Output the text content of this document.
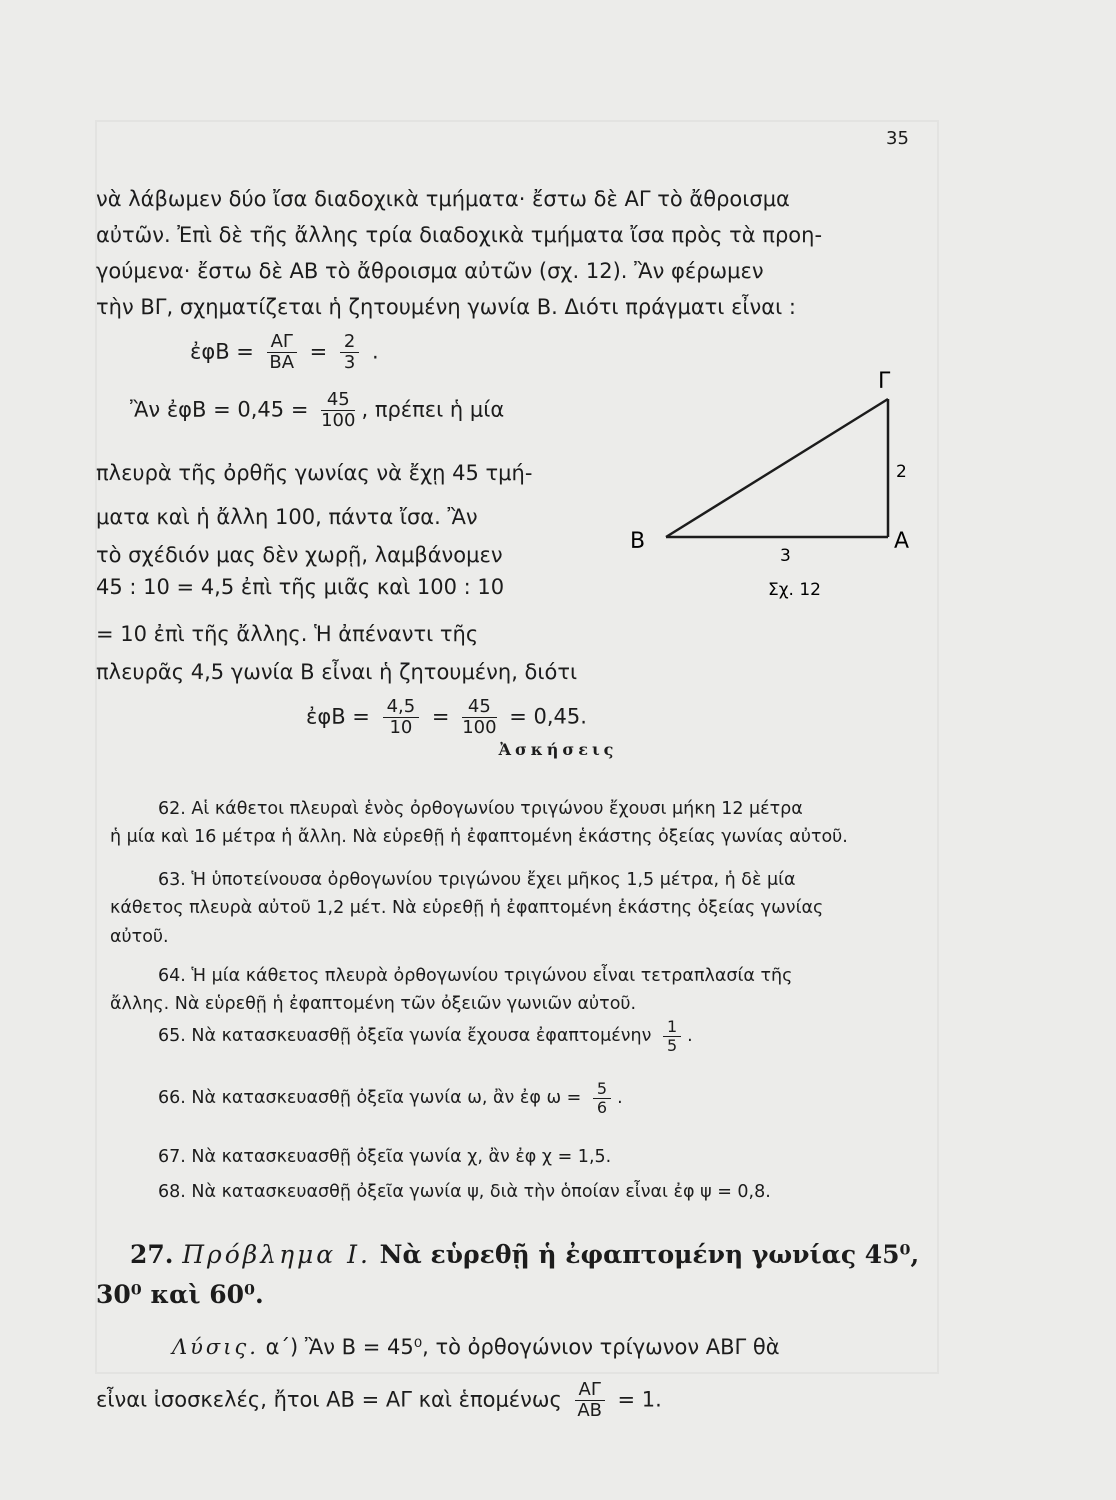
35
νὰ λάβωμεν δύο ἴσα διαδοχικὰ τμήματα· ἔστω δὲ ΑΓ τὸ ἄθροισμα
αὐτῶν. Ἐπὶ δὲ τῆς ἄλλης τρία διαδοχικὰ τμήματα ἴσα πρὸς τὰ προη-
γούμενα· ἔστω δὲ ΑΒ τὸ ἄθροισμα αὐτῶν (σχ. 12). Ἂν φέρωμεν
τὴν ΒΓ, σχηματίζεται ἡ ζητουμένη γωνία Β. Διότι πράγματι εἶναι :
ἐφΒ = $\frac{A\Gamma}{BA} = \frac{2}{3}$ .
Ἂν ἐφΒ = $0,45 = \frac{45}{100}$ , πρέπει ἡ μία
πλευρὰ τῆς ὀρθῆς γωνίας νὰ ἔχῃ 45 τμή-
ματα καὶ ἡ ἄλλη 100, πάντα ἴσα. Ἂν
τὸ σχέδιόν μας δὲν χωρῇ, λαμβάνομεν
45 : 10 = 4,5 ἐπὶ τῆς μιᾶς καὶ 100 : 10
= 10 ἐπὶ τῆς ἄλλης. Ἡ ἀπέναντι τῆς
πλευρᾶς 4,5 γωνία Β εἶναι ἡ ζητουμένη, διότι
ἐφΒ = $\frac{4,5}{10} = \frac{45}{100} = 0,45$.
Β
Γ
Α
2
3
Σχ. 12
Ἀσκήσεις
62. Αἱ κάθετοι πλευραὶ ἑνὸς ὀρθογωνίου τριγώνου ἔχουσι μήκη 12 μέτρα
ἡ μία καὶ 16 μέτρα ἡ ἄλλη. Νὰ εὑρεθῇ ἡ ἐφαπτομένη ἑκάστης ὀξείας γωνίας αὐτοῦ.
63. Ἡ ὑποτείνουσα ὀρθογωνίου τριγώνου ἔχει μῆκος 1,5 μέτρα, ἡ δὲ μία
κάθετος πλευρὰ αὐτοῦ 1,2 μέτ. Νὰ εὑρεθῇ ἡ ἐφαπτομένη ἑκάστης ὀξείας γωνίας
αὐτοῦ.
64. Ἡ μία κάθετος πλευρὰ ὀρθογωνίου τριγώνου εἶναι τετραπλασία τῆς
ἄλλης. Νὰ εὑρεθῇ ἡ ἐφαπτομένη τῶν ὀξειῶν γωνιῶν αὐτοῦ.
65. Νὰ κατασκευασθῇ ὀξεῖα γωνία ἔχουσα ἐφαπτομένην $\frac{1}{5}$ .
66. Νὰ κατασκευασθῇ ὀξεῖα γωνία ω, ἂν ἐφ $\omega = \frac{5}{6}$ .
67. Νὰ κατασκευασθῇ ὀξεῖα γωνία χ, ἂν ἐφ χ = 1,5.
68. Νὰ κατασκευασθῇ ὀξεῖα γωνία ψ, διὰ τὴν ὁποίαν εἶναι ἐφ ψ = 0,8.
27. Πρόβλημα Ι. Νὰ εὑρεθῇ ἡ ἐφαπτομένη γωνίας 45⁰,
30⁰ καὶ 60⁰.
Λύσις. α΄) Ἂν Β = 45⁰, τὸ ὀρθογώνιον τρίγωνον ΑΒΓ θὰ
εἶναι ἰσοσκελές, ἤτοι ΑΒ = ΑΓ καὶ ἑπομένως $\frac{A\Gamma}{AB} = 1$.
